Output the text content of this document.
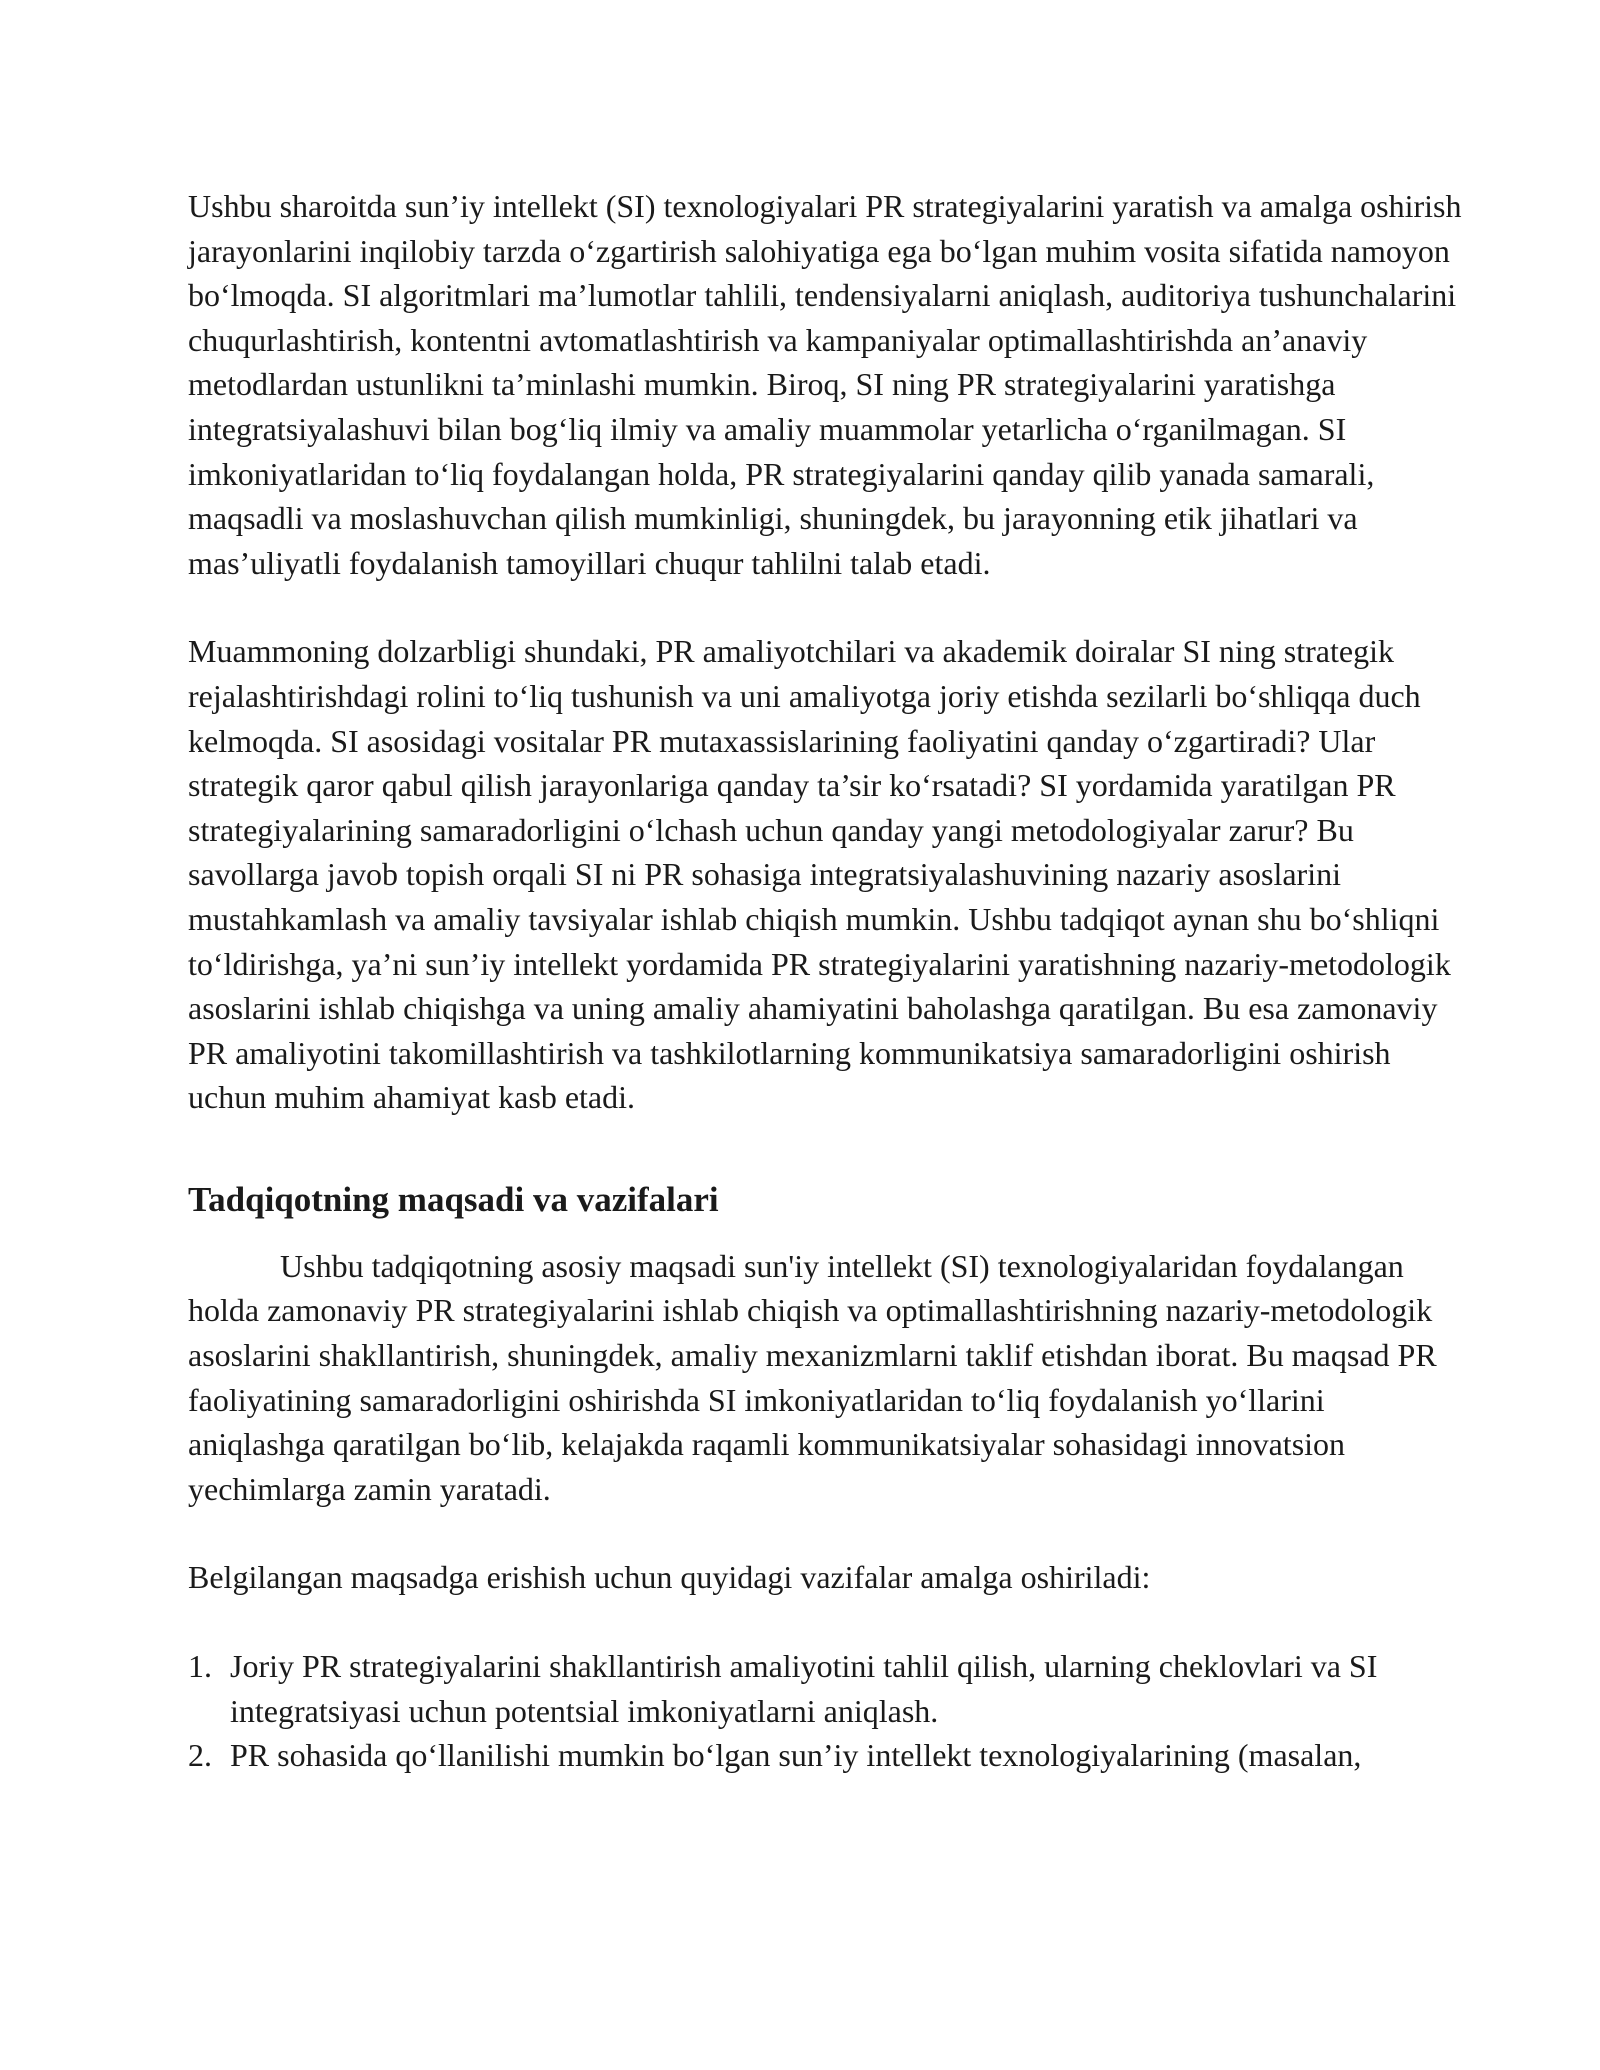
Ushbu sharoitda sun’iy intellekt (SI) texnologiyalari PR strategiyalarini yaratish va amalga oshirish jarayonlarini inqilobiy tarzda o‘zgartirish salohiyatiga ega bo‘lgan muhim vosita sifatida namoyon bo‘lmoqda. SI algoritmlari ma’lumotlar tahlili, tendensiyalarni aniqlash, auditoriya tushunchalarini chuqurlashtirish, kontentni avtomatlashtirish va kampaniyalar optimallashtirishda an’anaviy metodlardan ustunlikni ta’minlashi mumkin. Biroq, SI ning PR strategiyalarini yaratishga integratsiyalashuvi bilan bog‘liq ilmiy va amaliy muammolar yetarlicha o‘rganilmagan. SI imkoniyatlaridan to‘liq foydalangan holda, PR strategiyalarini qanday qilib yanada samarali, maqsadli va moslashuvchan qilish mumkinligi, shuningdek, bu jarayonning etik jihatlari va mas’uliyatli foydalanish tamoyillari chuqur tahlilni talab etadi.

Muammoning dolzarbligi shundaki, PR amaliyotchilari va akademik doiralar SI ning strategik rejalashtirishdagi rolini to‘liq tushunish va uni amaliyotga joriy etishda sezilarli bo‘shliqqa duch kelmoqda. SI asosidagi vositalar PR mutaxassislarining faoliyatini qanday o‘zgartiradi? Ular strategik qaror qabul qilish jarayonlariga qanday ta’sir ko‘rsatadi? SI yordamida yaratilgan PR strategiyalarining samaradorligini o‘lchash uchun qanday yangi metodologiyalar zarur? Bu savollarga javob topish orqali SI ni PR sohasiga integratsiyalashuvining nazariy asoslarini mustahkamlash va amaliy tavsiyalar ishlab chiqish mumkin. Ushbu tadqiqot aynan shu bo‘shliqni to‘ldirishga, ya’ni sun’iy intellekt yordamida PR strategiyalarini yaratishning nazariy-metodologik asoslarini ishlab chiqishga va uning amaliy ahamiyatini baholashga qaratilgan. Bu esa zamonaviy PR amaliyotini takomillashtirish va tashkilotlarning kommunikatsiya samaradorligini oshirish uchun muhim ahamiyat kasb etadi.

Tadqiqotning maqsadi va vazifalari

Ushbu tadqiqotning asosiy maqsadi sun'iy intellekt (SI) texnologiyalaridan foydalangan holda zamonaviy PR strategiyalarini ishlab chiqish va optimallashtirishning nazariy-metodologik asoslarini shakllantirish, shuningdek, amaliy mexanizmlarni taklif etishdan iborat. Bu maqsad PR faoliyatining samaradorligini oshirishda SI imkoniyatlaridan to‘liq foydalanish yo‘llarini aniqlashga qaratilgan bo‘lib, kelajakda raqamli kommunikatsiyalar sohasidagi innovatsion yechimlarga zamin yaratadi.

Belgilangan maqsadga erishish uchun quyidagi vazifalar amalga oshiriladi:

1. Joriy PR strategiyalarini shakllantirish amaliyotini tahlil qilish, ularning cheklovlari va SI integratsiyasi uchun potentsial imkoniyatlarni aniqlash.
2. PR sohasida qo‘llanilishi mumkin bo‘lgan sun’iy intellekt texnologiyalarining (masalan,
